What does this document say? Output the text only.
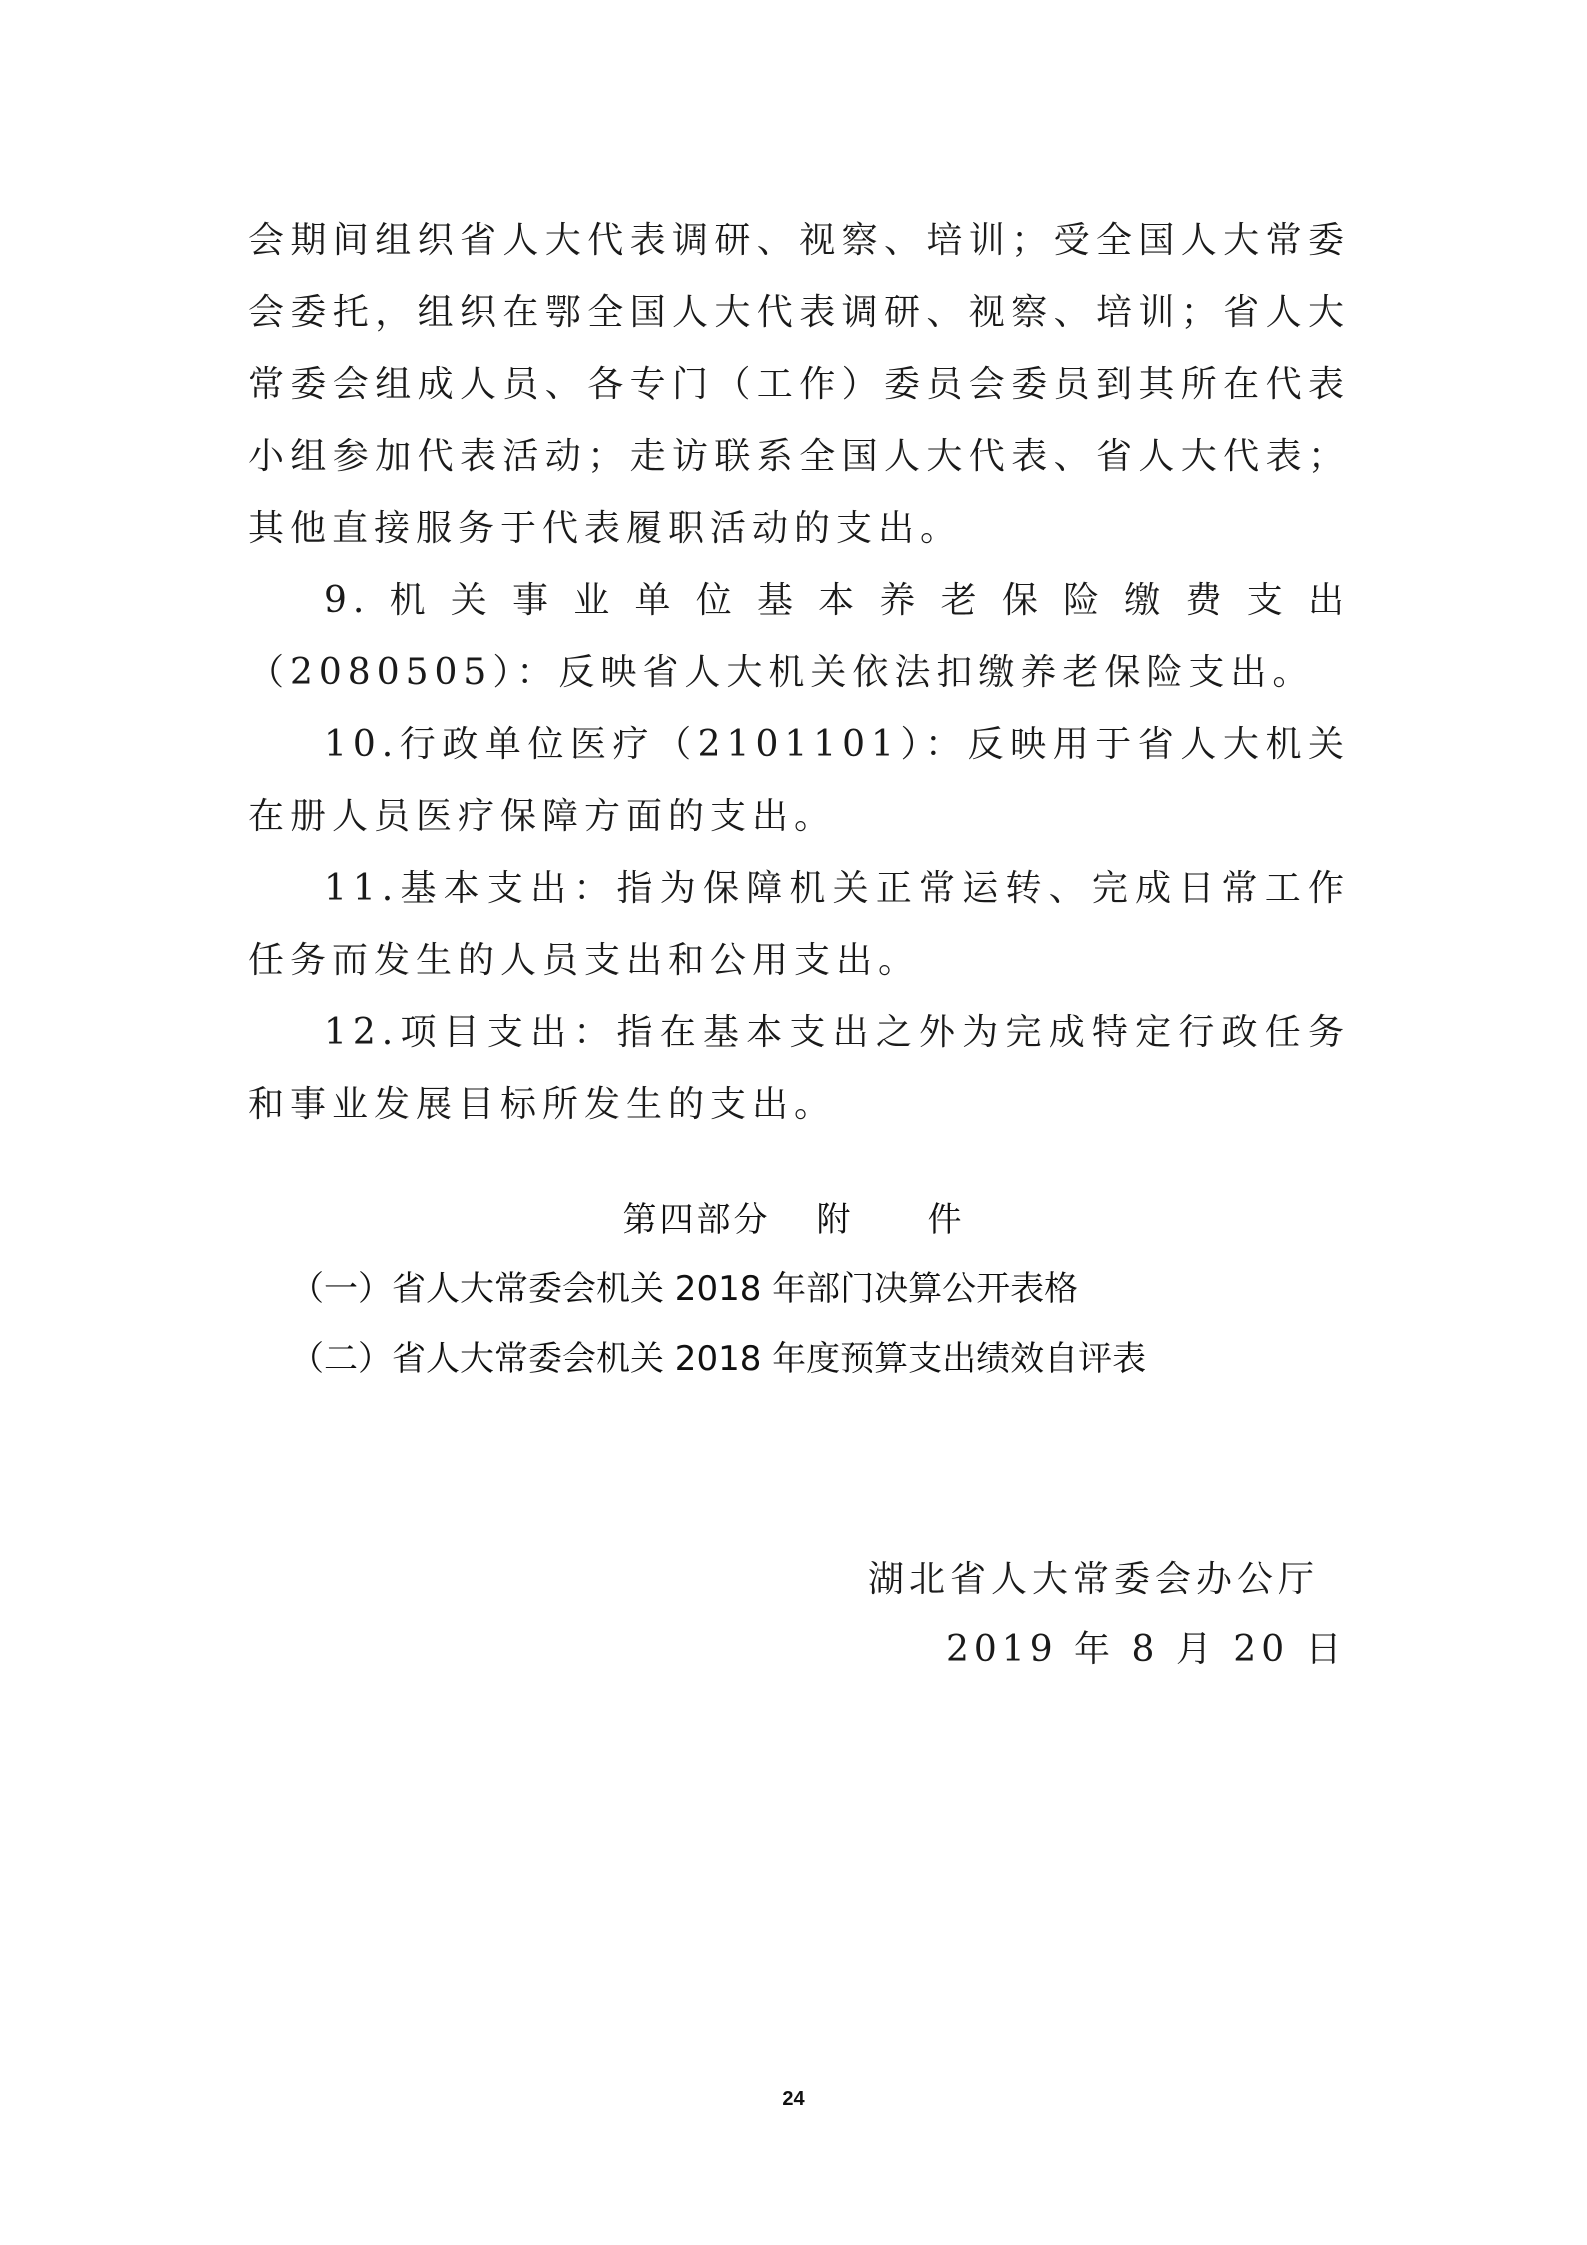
会期间组织省人大代表调研、视察、培训；受全国人大常委会委托，组织在鄂全国人大代表调研、视察、培训；省人大常委会组成人员、各专门（工作）委员会委员到其所在代表小组参加代表活动；走访联系全国人大代表、省人大代表；其他直接服务于代表履职活动的支出。

9.机关事业单位基本养老保险缴费支出（2080505）：反映省人大机关依法扣缴养老保险支出。

10.行政单位医疗（2101101）：反映用于省人大机关在册人员医疗保障方面的支出。

11.基本支出：指为保障机关正常运转、完成日常工作任务而发生的人员支出和公用支出。

12.项目支出：指在基本支出之外为完成特定行政任务和事业发展目标所发生的支出。

第四部分 附　　件
（一）省人大常委会机关 2018 年部门决算公开表格
（二）省人大常委会机关 2018 年度预算支出绩效自评表
湖北省人大常委会办公厅
2019 年 8 月 20 日
24
